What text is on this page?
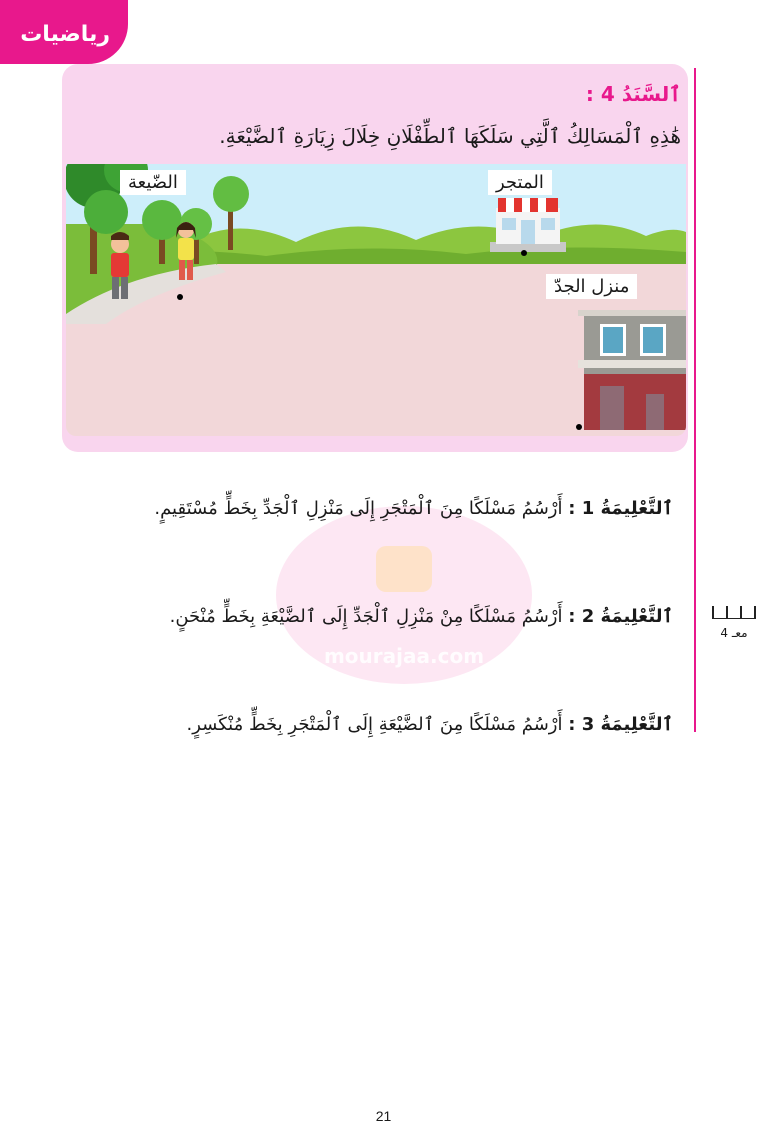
رياضيات
ٱلسَّنَدُ 4 :
هَٰذِهِ ٱلْمَسَالِكُ ٱلَّتِي سَلَكَهَا ٱلطِّفْلَانِ خِلَالَ زِيَارَةِ ٱلضَّيْعَةِ.
الضّيعة	المتجر
منزل الجدّ
mourajaa.com
ٱلتَّعْلِيمَةُ 1 : أَرْسُمُ مَسْلَكًا مِنَ ٱلْمَتْجَرِ إِلَى مَنْزِلِ ٱلْجَدِّ بِخَطٍّ مُسْتَقِيمٍ.
ٱلتَّعْلِيمَةُ 2 : أَرْسُمُ مَسْلَكًا مِنْ مَنْزِلِ ٱلْجَدِّ إِلَى ٱلضَّيْعَةِ بِخَطٍّ مُنْحَنٍ.
ٱلتَّعْلِيمَةُ 3 : أَرْسُمُ مَسْلَكًا مِنَ ٱلضَّيْعَةِ إِلَى ٱلْمَتْجَرِ بِخَطٍّ مُنْكَسِرٍ.
معـ 4
21
